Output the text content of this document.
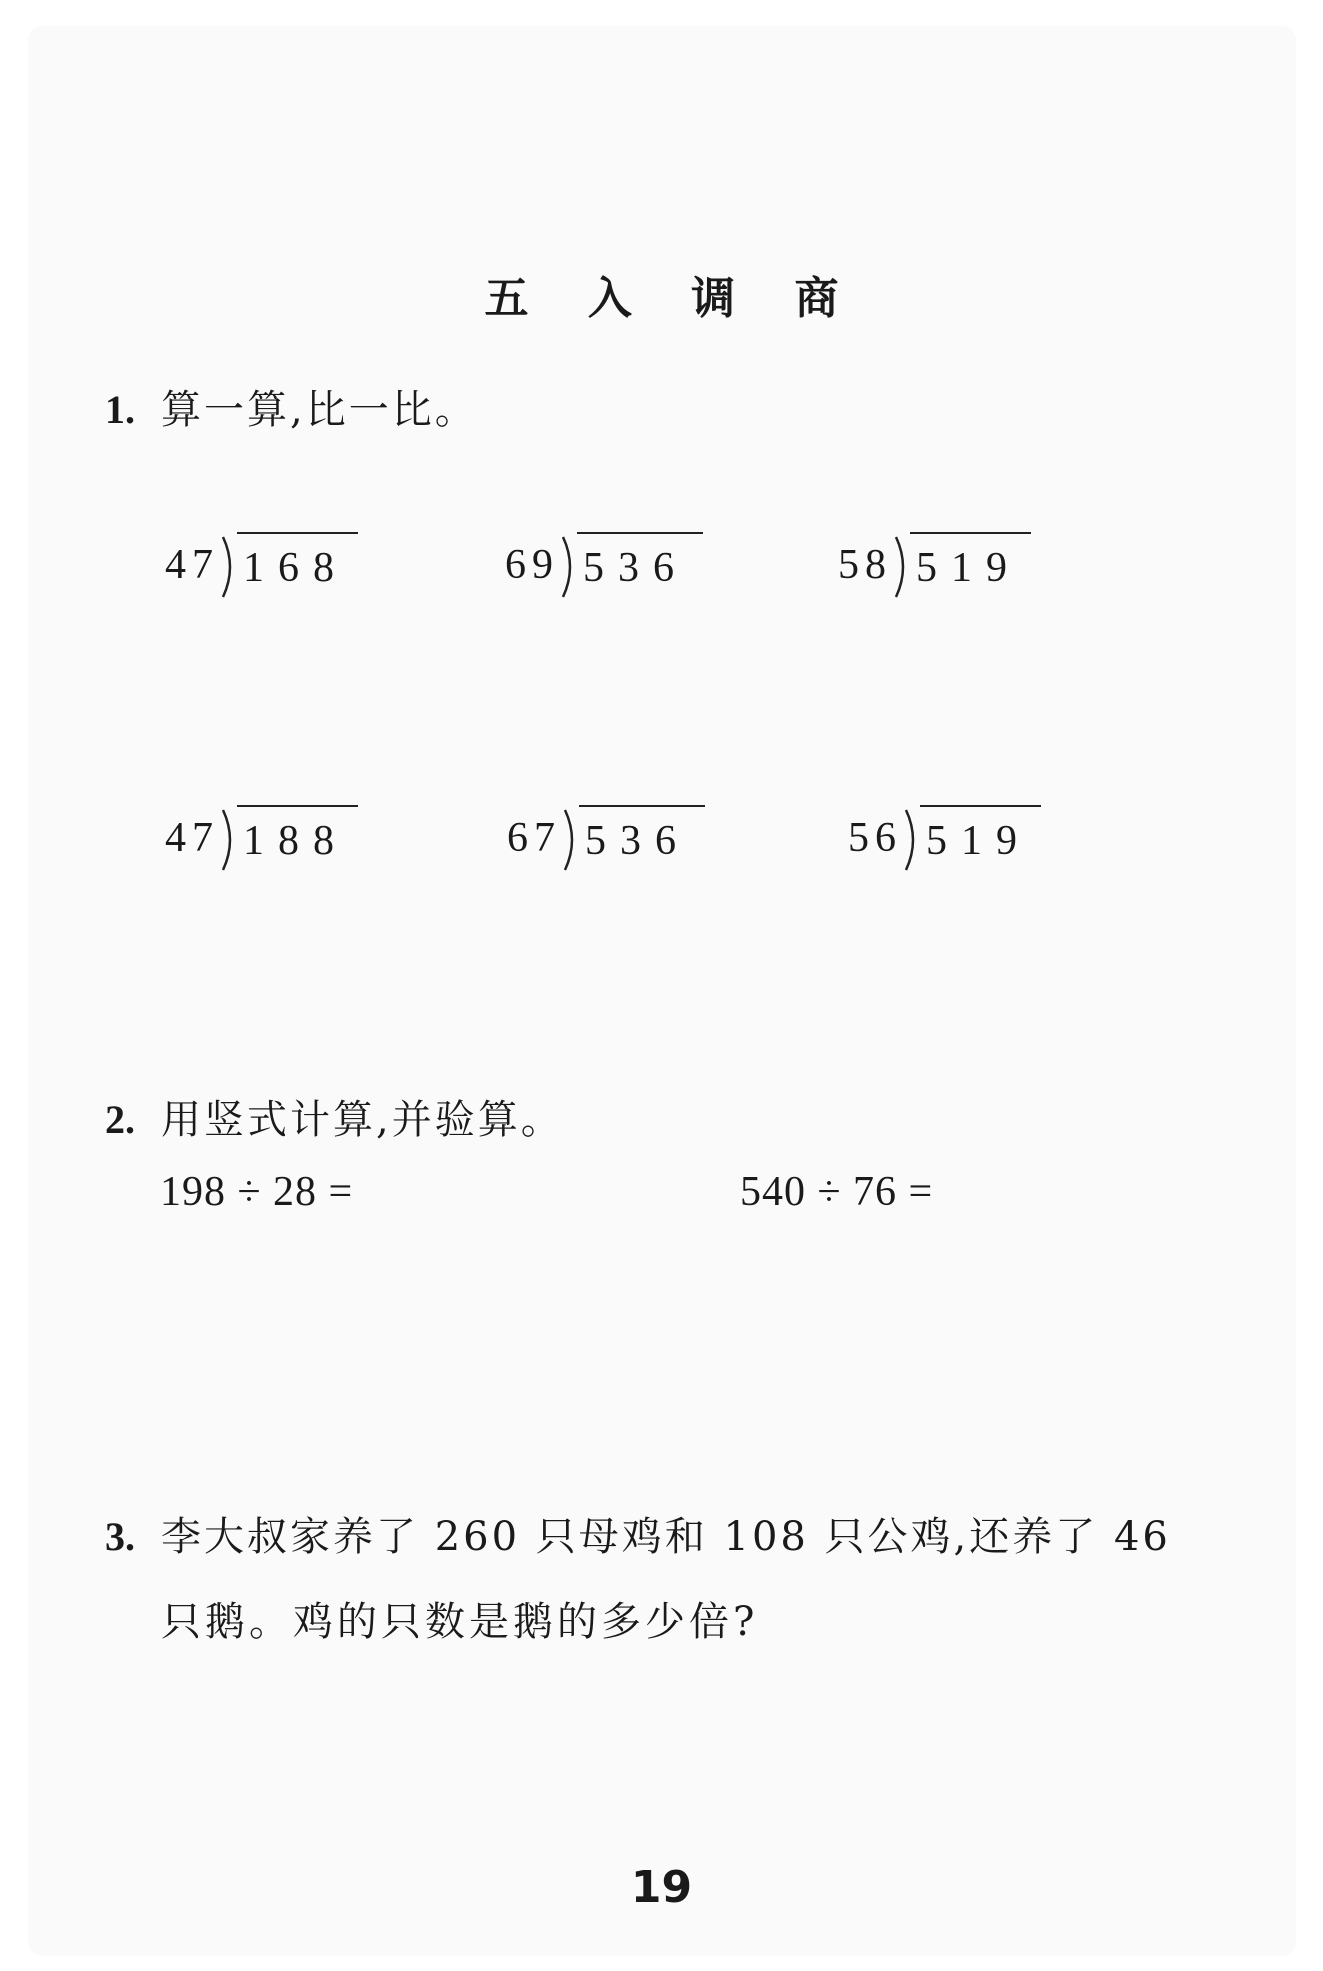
五 入 调 商
1. 算一算,比一比。
47 168	69 536	58 519
47 188	67 536	56 519
2. 用竖式计算,并验算。
198 ÷ 28 =	540 ÷ 76 =
3. 李大叔家养了 260 只母鸡和 108 只公鸡,还养了 46
只鹅。鸡的只数是鹅的多少倍?
19
